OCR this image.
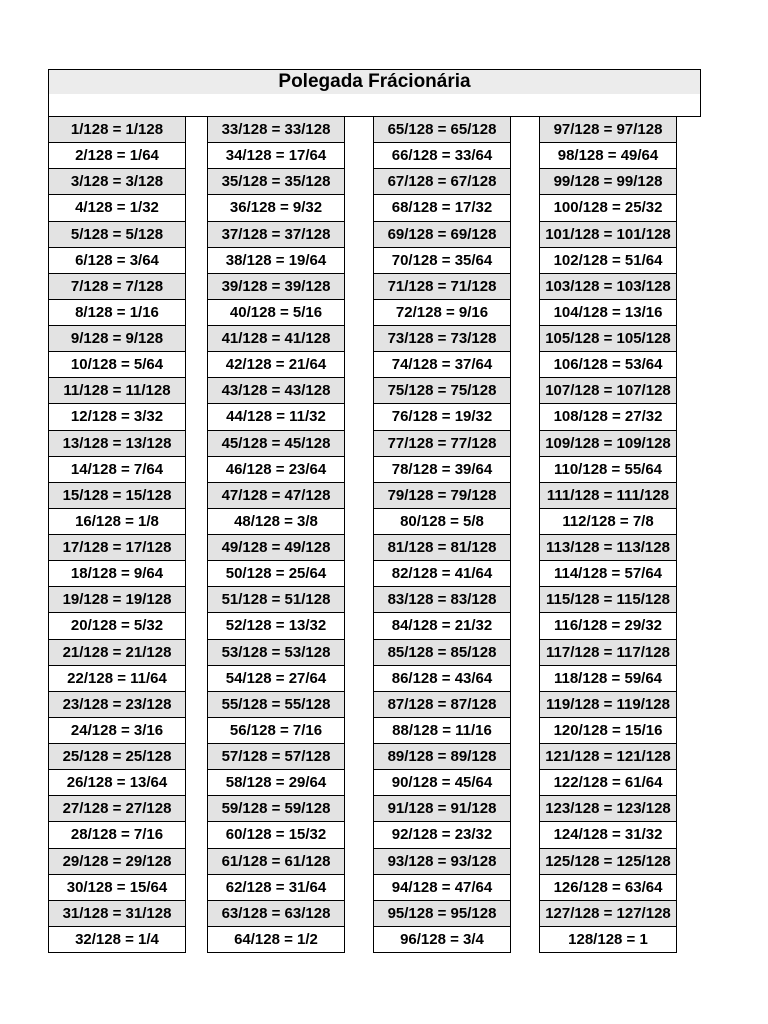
Polegada Frácionária
1/128 = 1/128
2/128 = 1/64
3/128 = 3/128
4/128 = 1/32
5/128 = 5/128
6/128 = 3/64
7/128 = 7/128
8/128 = 1/16
9/128 = 9/128
10/128 = 5/64
11/128 = 11/128
12/128 = 3/32
13/128 = 13/128
14/128 = 7/64
15/128 = 15/128
16/128 = 1/8
17/128 = 17/128
18/128 = 9/64
19/128 = 19/128
20/128 = 5/32
21/128 = 21/128
22/128 = 11/64
23/128 = 23/128
24/128 = 3/16
25/128 = 25/128
26/128 = 13/64
27/128 = 27/128
28/128 = 7/16
29/128 = 29/128
30/128 = 15/64
31/128 = 31/128
32/128 = 1/4
33/128 = 33/128
34/128 = 17/64
35/128 = 35/128
36/128 = 9/32
37/128 = 37/128
38/128 = 19/64
39/128 = 39/128
40/128 = 5/16
41/128 = 41/128
42/128 = 21/64
43/128 = 43/128
44/128 = 11/32
45/128 = 45/128
46/128 = 23/64
47/128 = 47/128
48/128 = 3/8
49/128 = 49/128
50/128 = 25/64
51/128 = 51/128
52/128 = 13/32
53/128 = 53/128
54/128 = 27/64
55/128 = 55/128
56/128 = 7/16
57/128 = 57/128
58/128 = 29/64
59/128 = 59/128
60/128 = 15/32
61/128 = 61/128
62/128 = 31/64
63/128 = 63/128
64/128 = 1/2
65/128 = 65/128
66/128 = 33/64
67/128 = 67/128
68/128 = 17/32
69/128 = 69/128
70/128 = 35/64
71/128 = 71/128
72/128 = 9/16
73/128 = 73/128
74/128 = 37/64
75/128 = 75/128
76/128 = 19/32
77/128 = 77/128
78/128 = 39/64
79/128 = 79/128
80/128 = 5/8
81/128 = 81/128
82/128 = 41/64
83/128 = 83/128
84/128 = 21/32
85/128 = 85/128
86/128 = 43/64
87/128 = 87/128
88/128 = 11/16
89/128 = 89/128
90/128 = 45/64
91/128 = 91/128
92/128 = 23/32
93/128 = 93/128
94/128 = 47/64
95/128 = 95/128
96/128 = 3/4
97/128 = 97/128
98/128 = 49/64
99/128 = 99/128
100/128 = 25/32
101/128 = 101/128
102/128 = 51/64
103/128 = 103/128
104/128 = 13/16
105/128 = 105/128
106/128 = 53/64
107/128 = 107/128
108/128 = 27/32
109/128 = 109/128
110/128 = 55/64
111/128 = 111/128
112/128 = 7/8
113/128 = 113/128
114/128 = 57/64
115/128 = 115/128
116/128 = 29/32
117/128 = 117/128
118/128 = 59/64
119/128 = 119/128
120/128 = 15/16
121/128 = 121/128
122/128 = 61/64
123/128 = 123/128
124/128 = 31/32
125/128 = 125/128
126/128 = 63/64
127/128 = 127/128
128/128 = 1
